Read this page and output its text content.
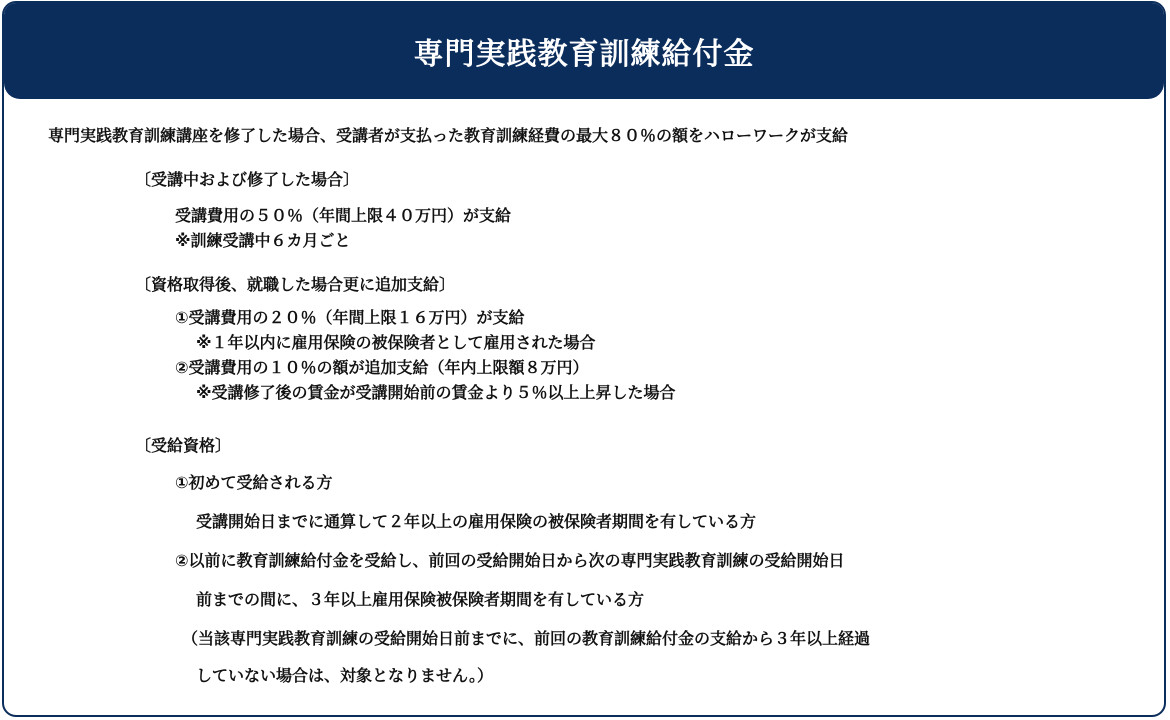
専門実践教育訓練給付金
専門実践教育訓練講座を修了した場合、受講者が支払った教育訓練経費の最大８０％の額をハローワークが支給
〔受講中および修了した場合〕
受講費用の５０％（年間上限４０万円）が支給
※訓練受講中６カ月ごと
〔資格取得後、就職した場合更に追加支給〕
①受講費用の２０％（年間上限１６万円）が支給
※１年以内に雇用保険の被保険者として雇用された場合
②受講費用の１０％の額が追加支給（年内上限額８万円）
※受講修了後の賃金が受講開始前の賃金より５％以上上昇した場合
〔受給資格〕
①初めて受給される方
受講開始日までに通算して２年以上の雇用保険の被保険者期間を有している方
②以前に教育訓練給付金を受給し、前回の受給開始日から次の専門実践教育訓練の受給開始日
前までの間に、３年以上雇用保険被保険者期間を有している方
（当該専門実践教育訓練の受給開始日前までに、前回の教育訓練給付金の支給から３年以上経過
していない場合は、対象となりません。）
